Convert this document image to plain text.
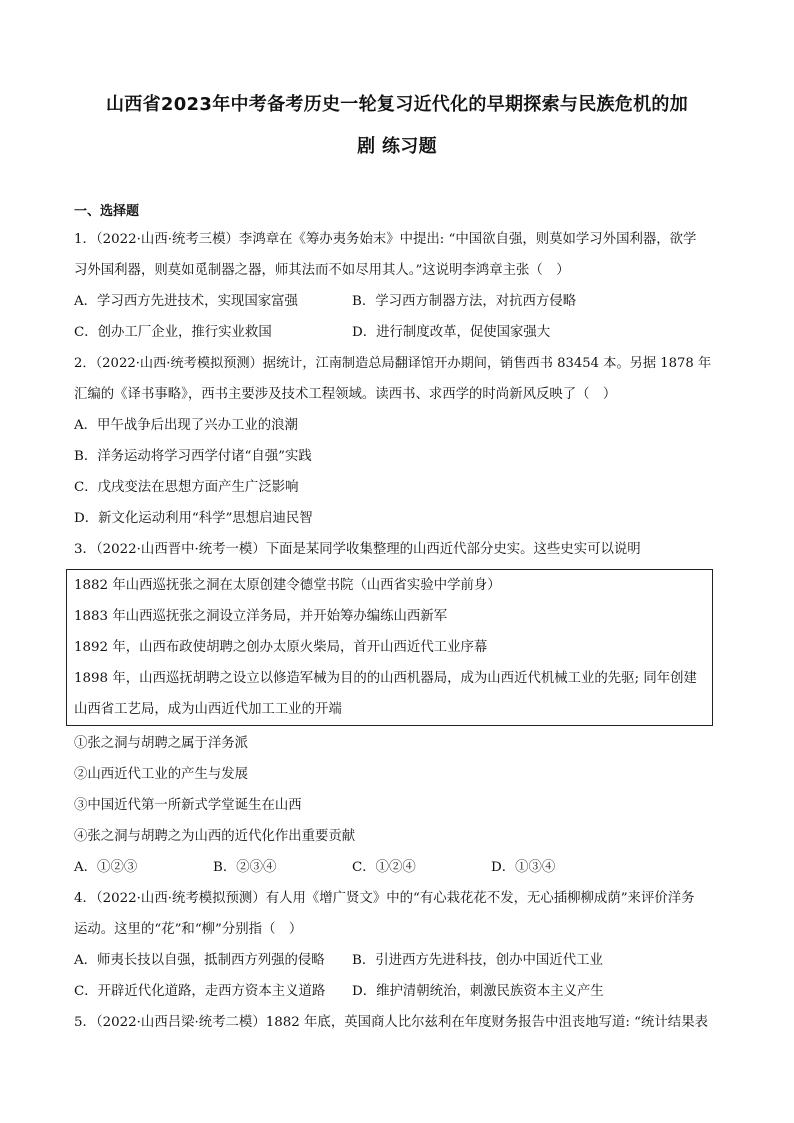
山西省2023年中考备考历史一轮复习近代化的早期探索与民族危机的加
剧 练习题
一、选择题
1．（2022·山西·统考三模）李鸿章在《筹办夷务始末》中提出: “中国欲自强，则莫如学习外国利器，欲学
习外国利器，则莫如觅制器之器，师其法而不如尽用其人。”这说明李鸿章主张（　）
A．学习西方先进技术，实现国家富强	B．学习西方制器方法，对抗西方侵略
C．创办工厂企业，推行实业救国	D．进行制度改革，促使国家强大
2．（2022·山西·统考模拟预测）据统计，江南制造总局翻译馆开办期间，销售西书 83454 本。另据 1878 年
汇编的《译书事略》，西书主要涉及技术工程领域。读西书、求西学的时尚新风反映了（　）
A．甲午战争后出现了兴办工业的浪潮
B．洋务运动将学习西学付诸“自强”实践
C．戊戌变法在思想方面产生广泛影响
D．新文化运动利用“科学”思想启迪民智
3．（2022·山西晋中·统考一模）下面是某同学收集整理的山西近代部分史实。这些史实可以说明
1882 年山西巡抚张之洞在太原创建令德堂书院（山西省实验中学前身）
1883 年山西巡抚张之洞设立洋务局，并开始筹办编练山西新军
1892 年，山西布政使胡聘之创办太原火柴局，首开山西近代工业序幕
1898 年，山西巡抚胡聘之设立以修造军械为目的的山西机器局，成为山西近代机械工业的先驱; 同年创建
山西省工艺局，成为山西近代加工工业的开端
①张之洞与胡聘之属于洋务派
②山西近代工业的产生与发展
③中国近代第一所新式学堂诞生在山西
④张之洞与胡聘之为山西的近代化作出重要贡献
A．①②③	B．②③④	C．①②④	D．①③④
4．（2022·山西·统考模拟预测）有人用《增广贤文》中的“有心栽花花不发，无心插柳柳成荫”来评价洋务
运动。这里的“花”和“柳”分别指（　）
A．师夷长技以自强，抵制西方列强的侵略	B．引进西方先进科技，创办中国近代工业
C．开辟近代化道路，走西方资本主义道路	D．维护清朝统治，刺激民族资本主义产生
5．（2022·山西吕梁·统考二模）1882 年底，英国商人比尔兹利在年度财务报告中沮丧地写道: “统计结果表
